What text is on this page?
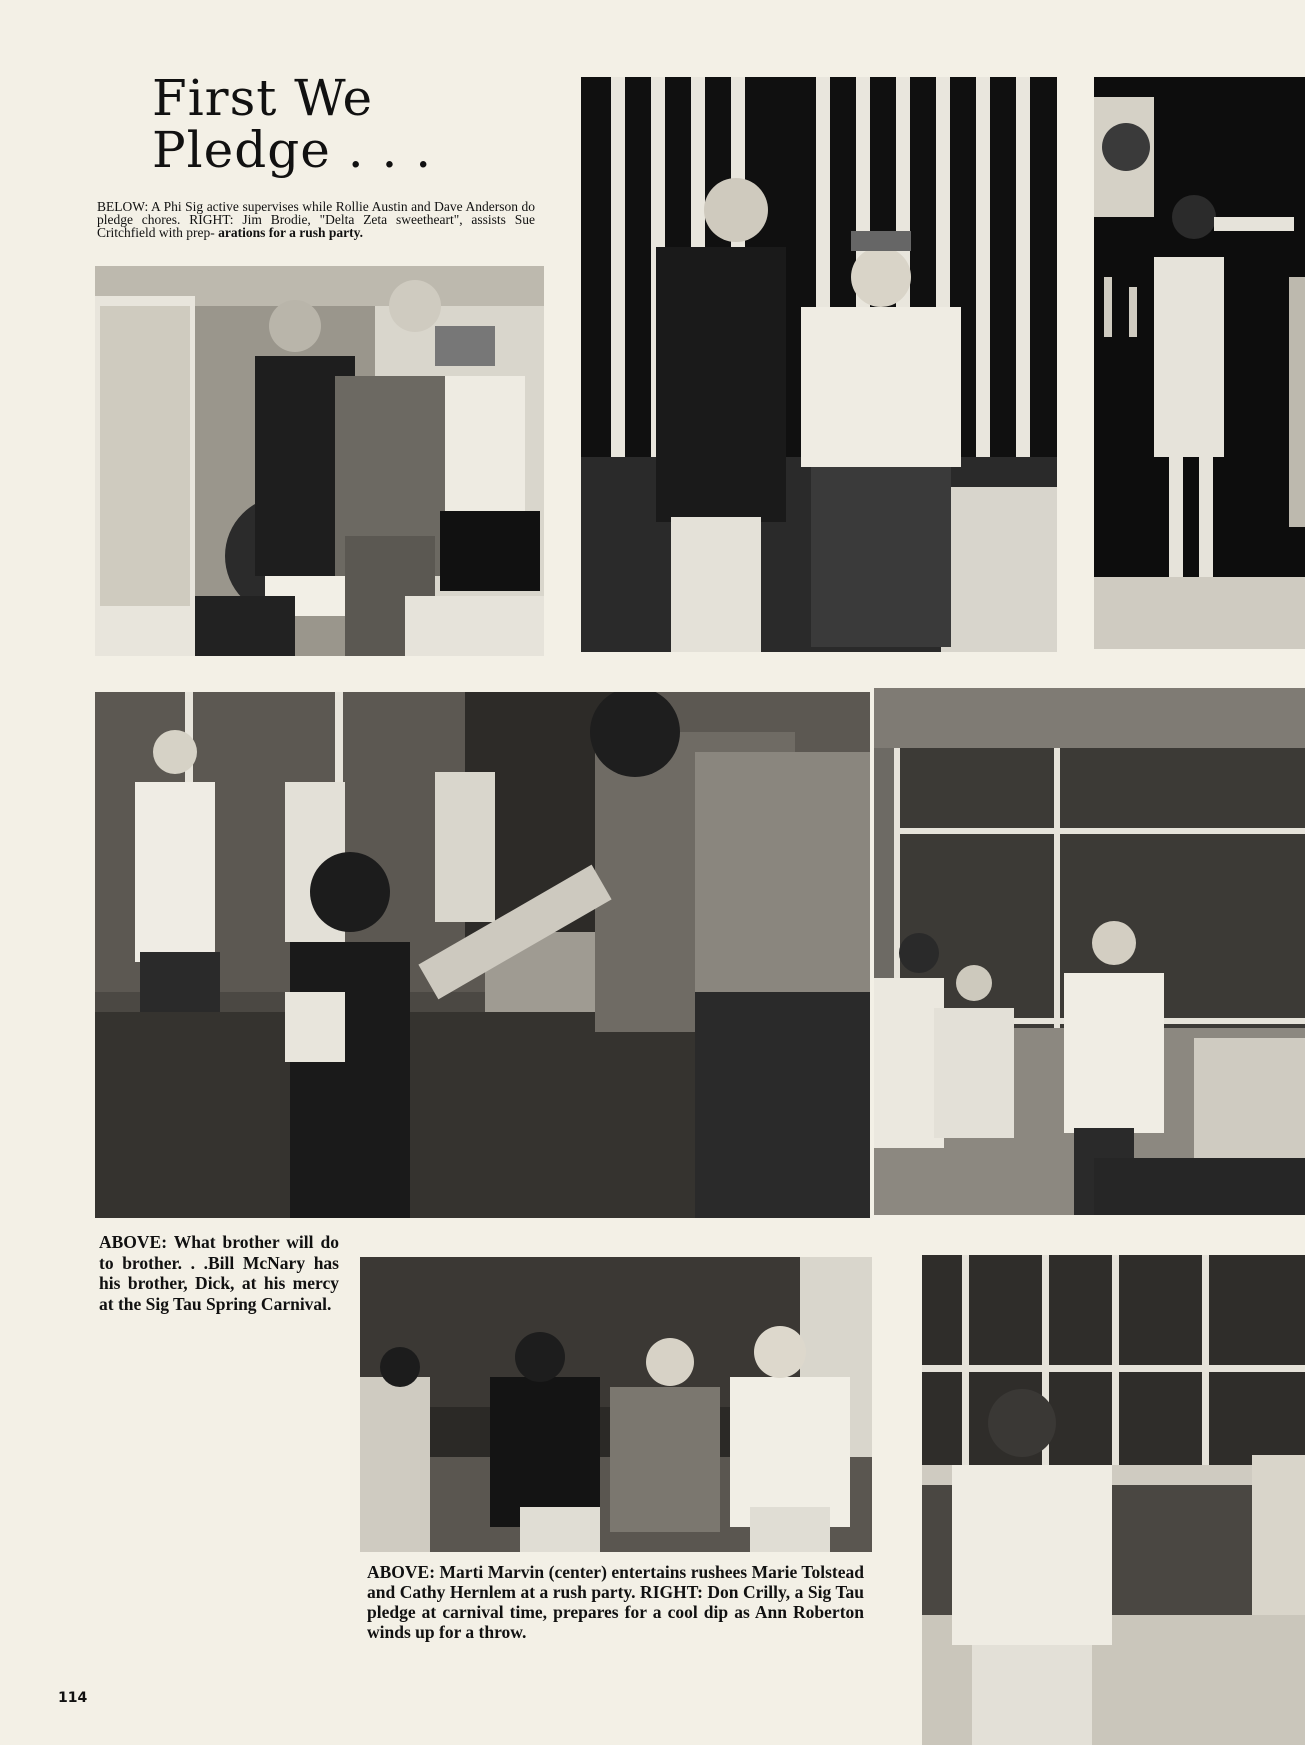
First We
Pledge . . .

BELOW: A Phi Sig active supervises while Rollie Austin and Dave Anderson do pledge chores. RIGHT: Jim Brodie, "Delta Zeta sweetheart", assists Sue Critchfield with prep- arations for a rush party.

ABOVE: What brother will do to brother. . .Bill McNary has his brother, Dick, at his mercy at the Sig Tau Spring Carnival.

ABOVE: Marti Marvin (center) entertains rushees Marie Tolstead and Cathy Hernlem at a rush party. RIGHT: Don Crilly, a Sig Tau pledge at carnival time, prepares for a cool dip as Ann Roberton winds up for a throw.

114
